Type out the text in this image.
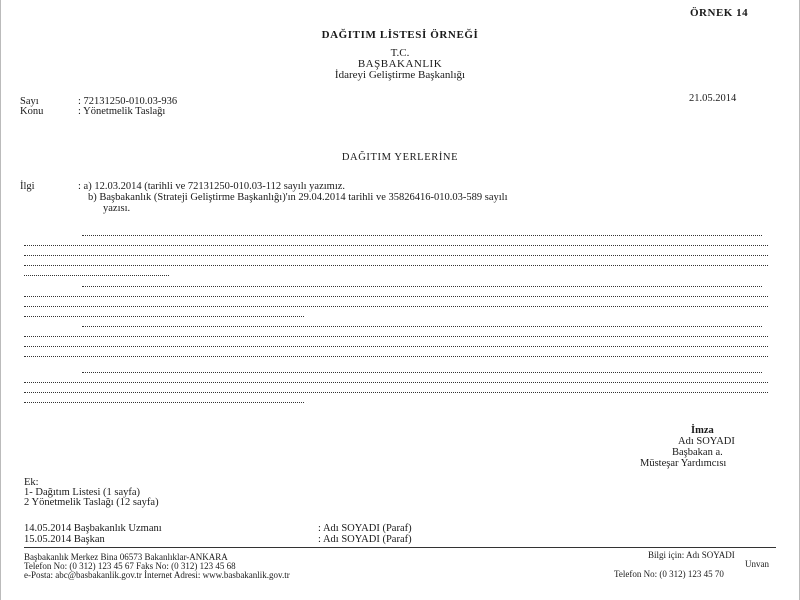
ÖRNEK 14
DAĞITIM LİSTESİ ÖRNEĞİ
T.C.
BAŞBAKANLIK
İdareyi Geliştirme Başkanlığı
Sayı	: 72131250-010.03-936	21.05.2014
Konu	: Yönetmelik Taslağı
DAĞITIM YERLERİNE
İlgi	: a) 12.03.2014 (tarihli ve 72131250-010.03-112 sayılı yazımız.
b) Başbakanlık (Strateji Geliştirme Başkanlığı)'ın 29.04.2014 tarihli ve 35826416-010.03-589 sayılı
yazısı.
İmza
Adı SOYADI
Başbakan a.
Müsteşar Yardımcısı
Ek:
1- Dağıtım Listesi (1 sayfa)
2 Yönetmelik Taslağı (12 sayfa)
14.05.2014 Başbakanlık Uzmanı	: Adı SOYADI (Paraf)
15.05.2014 Başkan	: Adı SOYADI (Paraf)
Başbakanlık Merkez Bina 06573 Bakanlıklar-ANKARA
Telefon No: (0 312) 123 45 67 Faks No: (0 312) 123 45 68
e-Posta: abc@basbakanlik.gov.tr İnternet Adresi: www.basbakanlik.gov.tr
Bilgi için: Adı SOYADI
Unvan
Telefon No: (0 312) 123 45 70
